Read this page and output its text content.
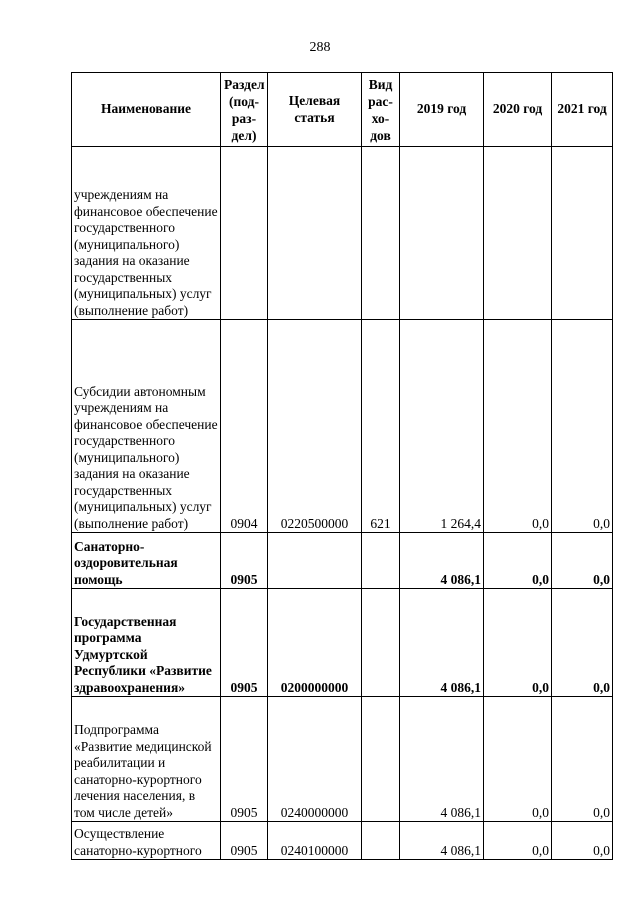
288
Наименование	Раздел (под-раз-дел)	Целевая статья	Вид рас-хо-дов	2019 год	2020 год	2021 год
учреждениям на финансовое обеспечение государственного (муниципального) задания на оказание государственных (муниципальных) услуг (выполнение работ)						
Субсидии автономным учреждениям на финансовое обеспечение государственного (муниципального) задания на оказание государственных (муниципальных) услуг (выполнение работ)	0904	0220500000	621	1 264,4	0,0	0,0
Санаторно-оздоровительная помощь	0905			4 086,1	0,0	0,0
Государственная программа Удмуртской Республики «Развитие здравоохранения»	0905	0200000000		4 086,1	0,0	0,0
Подпрограмма «Развитие медицинской реабилитации и санаторно-курортного лечения населения, в том числе детей»	0905	0240000000		4 086,1	0,0	0,0
Осуществление санаторно-курортного	0905	0240100000		4 086,1	0,0	0,0
